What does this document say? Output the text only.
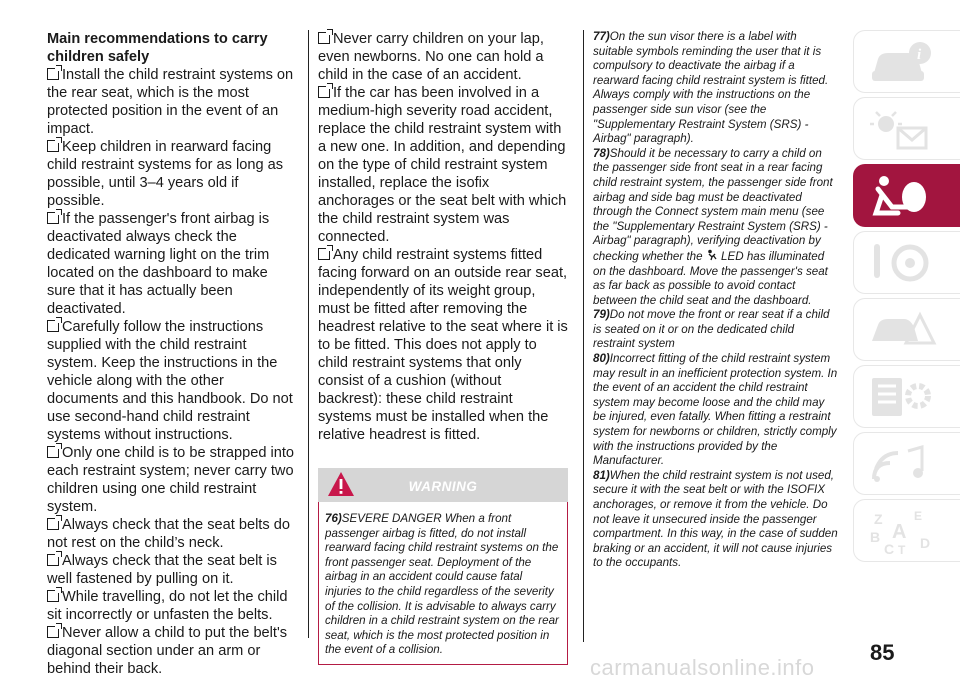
Main recommendations to carry children safely

Install the child restraint systems on the rear seat, which is the most protected position in the event of an impact.

Keep children in rearward facing child restraint systems for as long as possible, until 3–4 years old if possible.

If the passenger's front airbag is deactivated always check the dedicated warning light on the trim located on the dashboard to make sure that it has actually been deactivated.

Carefully follow the instructions supplied with the child restraint system. Keep the instructions in the vehicle along with the other documents and this handbook. Do not use second-hand child restraint systems without instructions.

Only one child is to be strapped into each restraint system; never carry two children using one child restraint system.

Always check that the seat belts do not rest on the child’s neck.

Always check that the seat belt is well fastened by pulling on it.

While travelling, do not let the child sit incorrectly or unfasten the belts.

Never allow a child to put the belt's diagonal section under an arm or behind their back.

Never carry children on your lap, even newborns. No one can hold a child in the case of an accident.

If the car has been involved in a medium-high severity road accident, replace the child restraint system with a new one. In addition, and depending on the type of child restraint system installed, replace the isofix anchorages or the seat belt with which the child restraint system was connected.

Any child restraint systems fitted facing forward on an outside rear seat, independently of its weight group, must be fitted after removing the headrest relative to the seat where it is to be fitted. This does not apply to child restraint systems that only consist of a cushion (without backrest): these child restraint systems must be installed when the relative headrest is fitted.

WARNING
76)SEVERE DANGER When a front passenger airbag is fitted, do not install rearward facing child restraint systems on the front passenger seat. Deployment of the airbag in an accident could cause fatal injuries to the child regardless of the severity of the collision. It is advisable to always carry children in a child restraint system on the rear seat, which is the most protected position in the event of a collision.

77)On the sun visor there is a label with suitable symbols reminding the user that it is compulsory to deactivate the airbag if a rearward facing child restraint system is fitted. Always comply with the instructions on the passenger side sun visor (see the "Supplementary Restraint System (SRS) - Airbag" paragraph).

78)Should it be necessary to carry a child on the passenger side front seat in a rear facing child restraint system, the passenger side front airbag and side bag must be deactivated through the Connect system main menu (see the "Supplementary Restraint System (SRS) - Airbag" paragraph), verifying deactivation by checking whether the LED has illuminated on the dashboard. Move the passenger's seat as far back as possible to avoid contact between the child seat and the dashboard.

79)Do not move the front or rear seat if a child is seated on it or on the dedicated child restraint system

80)Incorrect fitting of the child restraint system may result in an inefficient protection system. In the event of an accident the child restraint system may become loose and the child may be injured, even fatally. When fitting a restraint system for newborns or children, strictly comply with the instructions provided by the Manufacturer.

81)When the child restraint system is not used, secure it with the seat belt or with the ISOFIX anchorages, or remove it from the vehicle. Do not leave it unsecured inside the passenger compartment. In this way, in the case of sudden braking or an accident, it will not cause injuries to the occupants.

i
Z	E
B A
C T D
85
carmanualsonline.info
